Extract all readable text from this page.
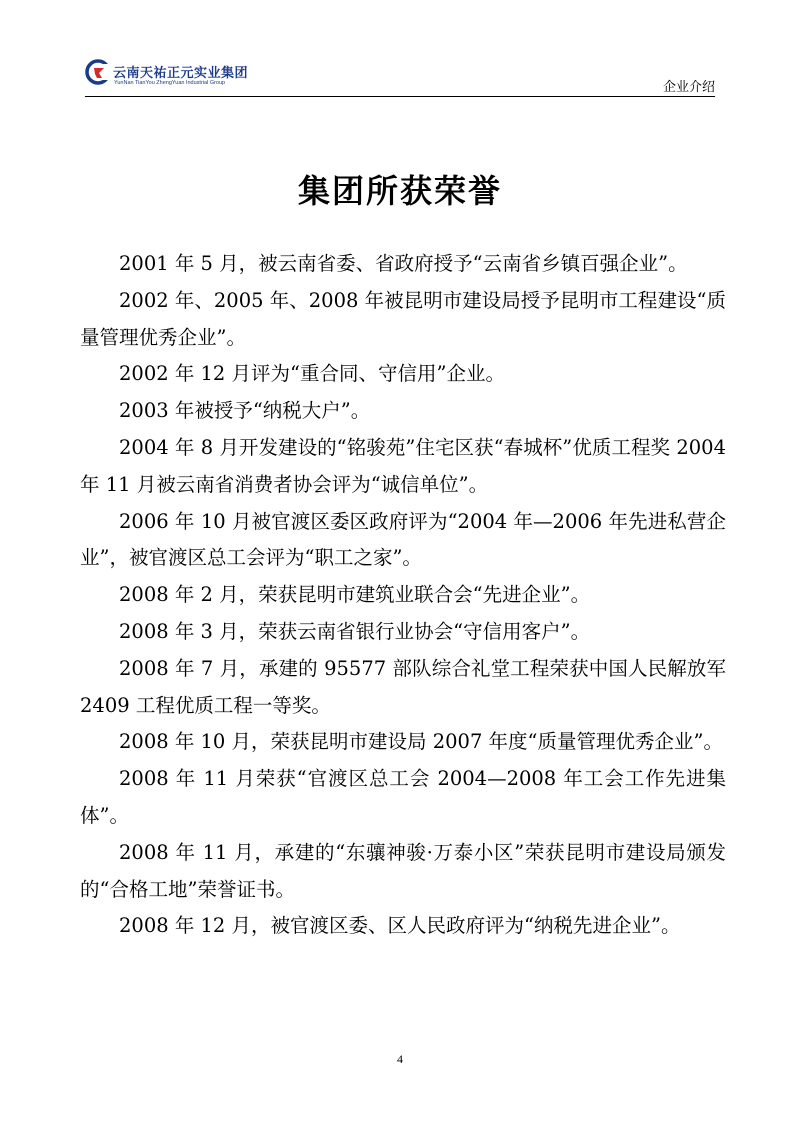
云南天祐正元实业集团
YunNan TianYou ZhengYuan Industrial Group	企业介绍
集团所获荣誉

2001 年 5 月，被云南省委、省政府授予“云南省乡镇百强企业”。

2002 年、2005 年、2008 年被昆明市建设局授予昆明市工程建设“质量管理优秀企业”。

2002 年 12 月评为“重合同、守信用”企业。

2003 年被授予“纳税大户”。

2004 年 8 月开发建设的“铭骏苑”住宅区获“春城杯”优质工程奖 2004 年 11 月被云南省消费者协会评为“诚信单位”。

2006 年 10 月被官渡区委区政府评为“2004 年—2006 年先进私营企业”，被官渡区总工会评为“职工之家”。

2008 年 2 月，荣获昆明市建筑业联合会“先进企业”。

2008 年 3 月，荣获云南省银行业协会“守信用客户”。

2008 年 7 月，承建的 95577 部队综合礼堂工程荣获中国人民解放军 2409 工程优质工程一等奖。

2008 年 10 月，荣获昆明市建设局 2007 年度“质量管理优秀企业”。

2008 年 11 月荣获“官渡区总工会 2004—2008 年工会工作先进集体”。

2008 年 11 月，承建的“东骧神骏·万泰小区”荣获昆明市建设局颁发的“合格工地”荣誉证书。

2008 年 12 月，被官渡区委、区人民政府评为“纳税先进企业”。

4
